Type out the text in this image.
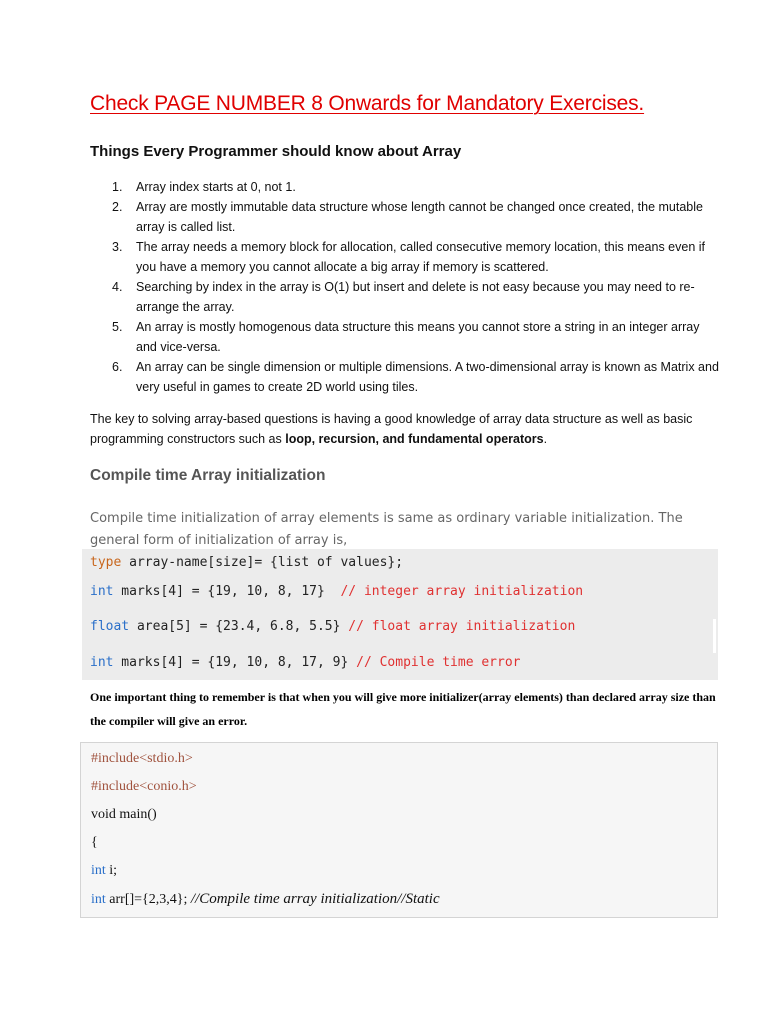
Check PAGE NUMBER 8 Onwards for Mandatory Exercises.
Things Every Programmer should know about Array
1. Array index starts at 0, not 1.
2. Array are mostly immutable data structure whose length cannot be changed once created, the mutable array is called list.
3. The array needs a memory block for allocation, called consecutive memory location, this means even if you have a memory you cannot allocate a big array if memory is scattered.
4. Searching by index in the array is O(1) but insert and delete is not easy because you may need to re-arrange the array.
5. An array is mostly homogenous data structure this means you cannot store a string in an integer array and vice-versa.
6. An array can be single dimension or multiple dimensions. A two-dimensional array is known as Matrix and very useful in games to create 2D world using tiles.

The key to solving array-based questions is having a good knowledge of array data structure as well as basic programming constructors such as loop, recursion, and fundamental operators.

Compile time Array initialization

Compile time initialization of array elements is same as ordinary variable initialization. The general form of initialization of array is,

type array-name[size]= {list of values};
int marks[4] = {19, 10, 8, 17}  // integer array initialization
float area[5] = {23.4, 6.8, 5.5} // float array initialization
int marks[4] = {19, 10, 8, 17, 9} // Compile time error

One important thing to remember is that when you will give more initializer(array elements) than declared array size than the compiler will give an error.

#include<stdio.h>
#include<conio.h>
void main()
{
int i;
int arr[]={2,3,4}; //Compile time array initialization//Static
